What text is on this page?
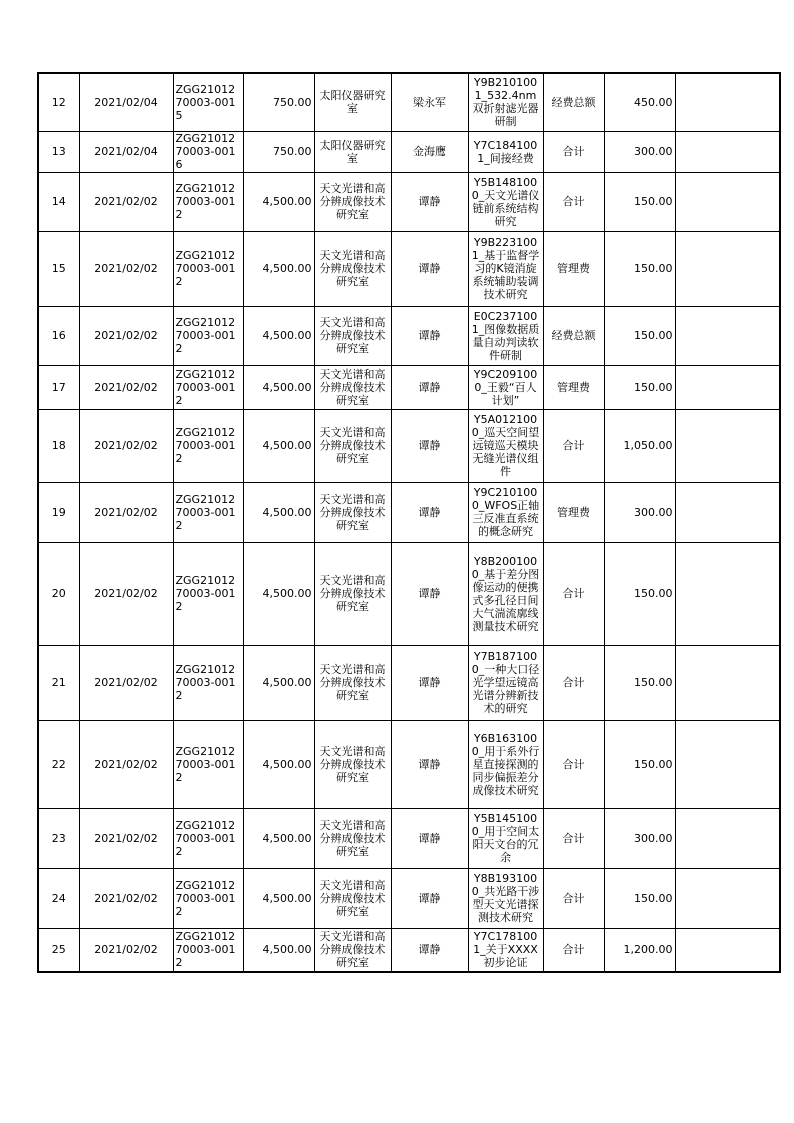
12	2021/02/04	ZGG2101270003-0015	750.00	太阳仪器研究室	梁永军	Y9B2101001_532.4nm双折射滤光器研制	经费总额	450.00	
13	2021/02/04	ZGG2101270003-0016	750.00	太阳仪器研究室	金海鹰	Y7C1841001_间接经费	合计	300.00	
14	2021/02/02	ZGG2101270003-0012	4,500.00	天文光谱和高分辨成像技术研究室	谭静	Y5B1481000_天文光谱仪链前系统结构研究	合计	150.00	
15	2021/02/02	ZGG2101270003-0012	4,500.00	天文光谱和高分辨成像技术研究室	谭静	Y9B2231001_基于监督学习的K镜消旋系统辅助装调技术研究	管理费	150.00	
16	2021/02/02	ZGG2101270003-0012	4,500.00	天文光谱和高分辨成像技术研究室	谭静	E0C2371001_图像数据质量自动判读软件研制	经费总额	150.00	
17	2021/02/02	ZGG2101270003-0012	4,500.00	天文光谱和高分辨成像技术研究室	谭静	Y9C2091000_王毅“百人计划”	管理费	150.00	
18	2021/02/02	ZGG2101270003-0012	4,500.00	天文光谱和高分辨成像技术研究室	谭静	Y5A0121000_巡天空间望远镜巡天模块无缝光谱仪组件	合计	1,050.00	
19	2021/02/02	ZGG2101270003-0012	4,500.00	天文光谱和高分辨成像技术研究室	谭静	Y9C2101000_WFOS正轴三反准直系统的概念研究	管理费	300.00	
20	2021/02/02	ZGG2101270003-0012	4,500.00	天文光谱和高分辨成像技术研究室	谭静	Y8B2001000_基于差分图像运动的便携式多孔径日间大气湍流廓线测量技术研究	合计	150.00	
21	2021/02/02	ZGG2101270003-0012	4,500.00	天文光谱和高分辨成像技术研究室	谭静	Y7B1871000_一种大口径光学望远镜高光谱分辨新技术的研究	合计	150.00	
22	2021/02/02	ZGG2101270003-0012	4,500.00	天文光谱和高分辨成像技术研究室	谭静	Y6B1631000_用于系外行星直接探测的同步偏振差分成像技术研究	合计	150.00	
23	2021/02/02	ZGG2101270003-0012	4,500.00	天文光谱和高分辨成像技术研究室	谭静	Y5B1451000_用于空间太阳天文台的冗余	合计	300.00	
24	2021/02/02	ZGG2101270003-0012	4,500.00	天文光谱和高分辨成像技术研究室	谭静	Y8B1931000_共光路干涉型天文光谱探测技术研究	合计	150.00	
25	2021/02/02	ZGG2101270003-0012	4,500.00	天文光谱和高分辨成像技术研究室	谭静	Y7C1781001_关于XXXX初步论证	合计	1,200.00	
